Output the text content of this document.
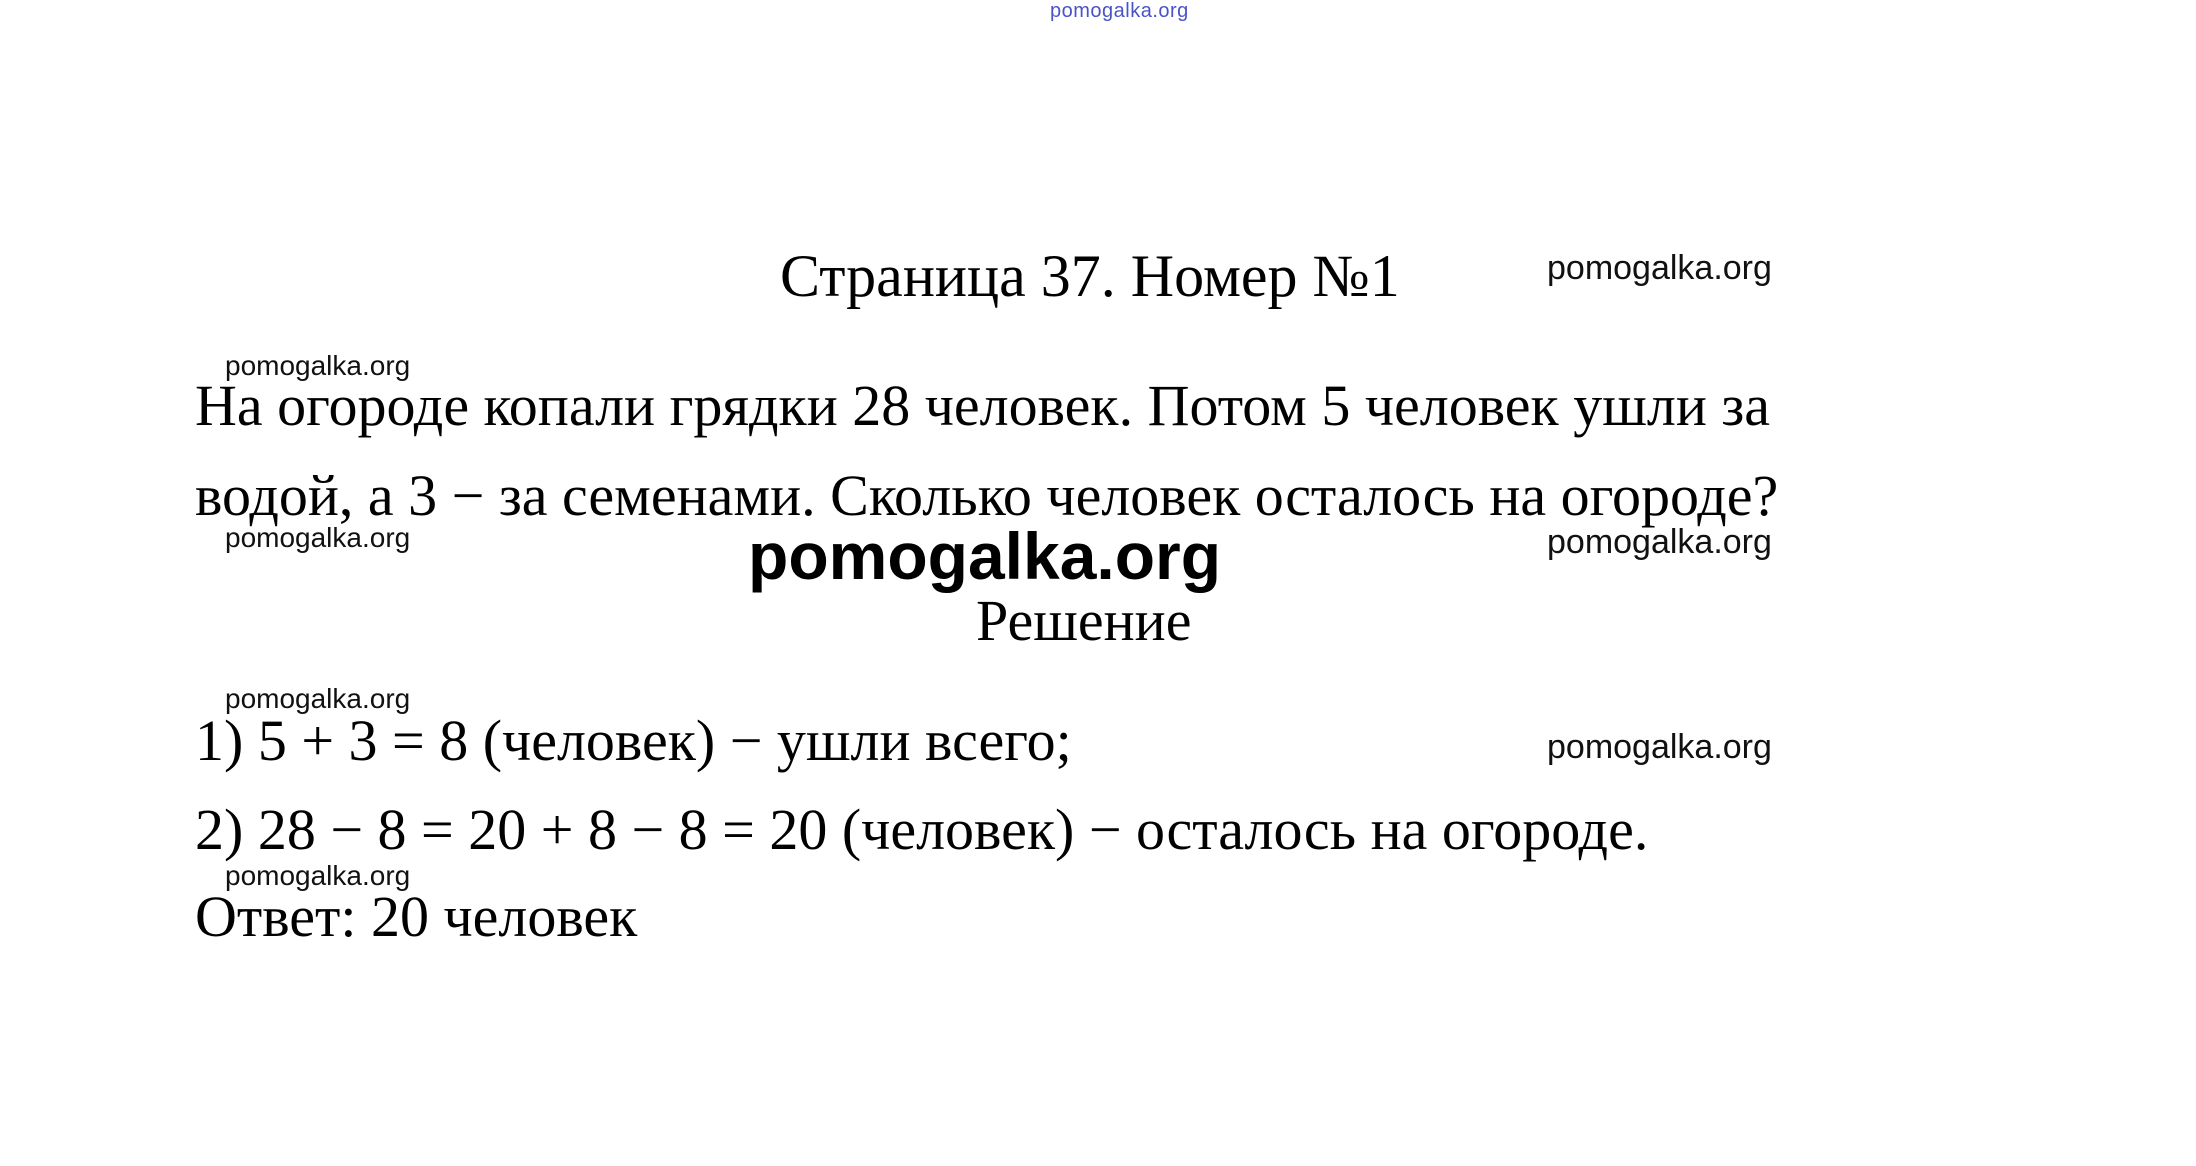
pomogalka.org
Страница 37. Номер №1	pomogalka.org
pomogalka.org
На огороде копали грядки 28 человек. Потом 5 человек ушли за
водой, а 3 − за семенами. Сколько человек осталось на огороде?
pomogalka.org	pomogalka.org
pomogalka.org
Решение
pomogalka.org
1) 5 + 3 = 8 (человек) − ушли всего;	pomogalka.org
2) 28 − 8 = 20 + 8 − 8 = 20 (человек) − осталось на огороде.
pomogalka.org
Ответ: 20 человек
